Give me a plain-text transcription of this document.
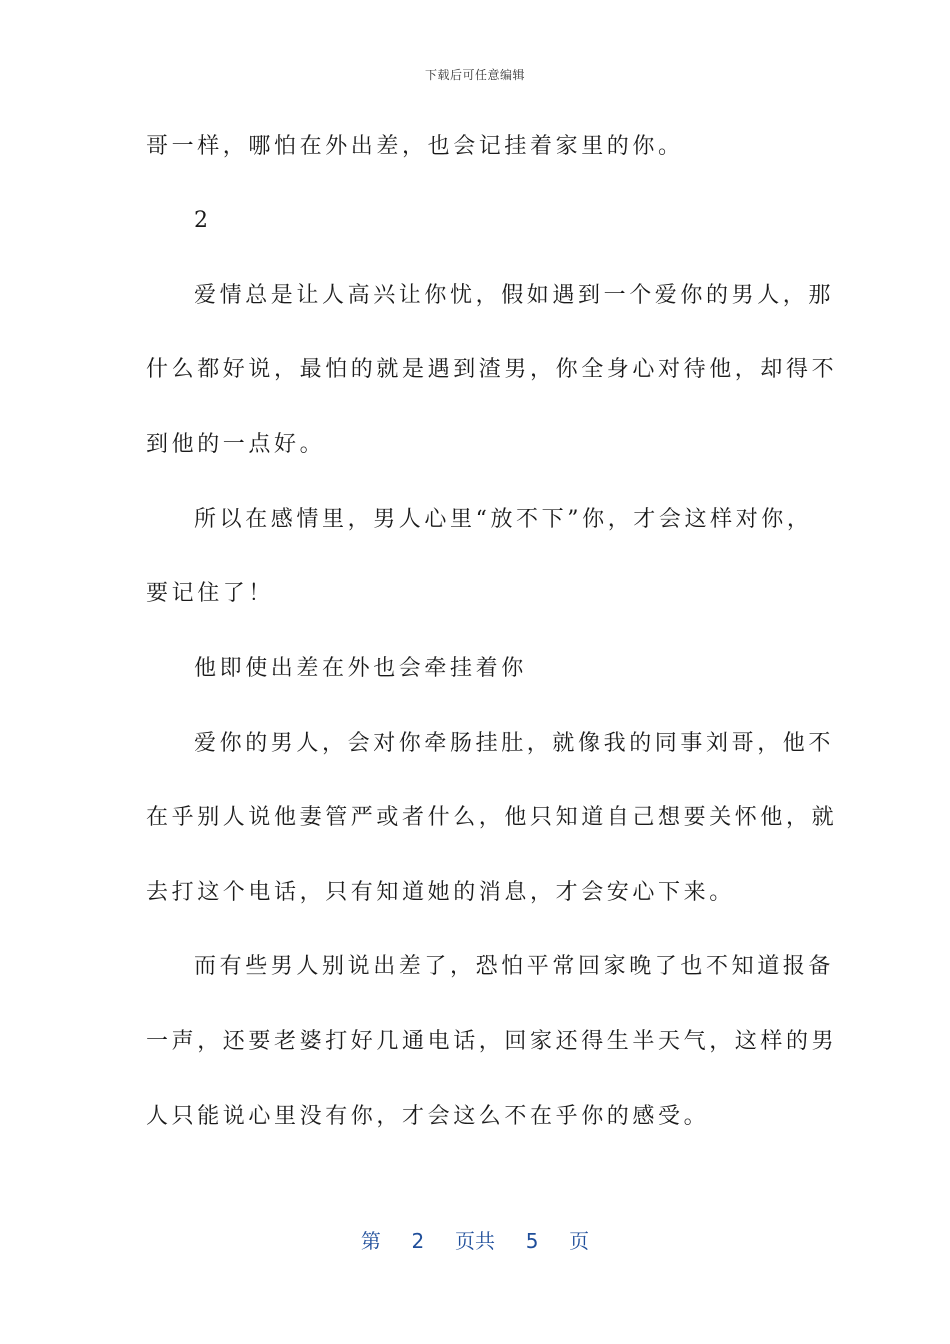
下载后可任意编辑
哥一样，哪怕在外出差，也会记挂着家里的你。
2
爱情总是让人高兴让你忧，假如遇到一个爱你的男人，那
什么都好说，最怕的就是遇到渣男，你全身心对待他，却得不
到他的一点好。
所以在感情里，男人心里“放不下”你，才会这样对你，
要记住了！
他即使出差在外也会牵挂着你
爱你的男人，会对你牵肠挂肚，就像我的同事刘哥，他不
在乎别人说他妻管严或者什么，他只知道自己想要关怀他，就
去打这个电话，只有知道她的消息，才会安心下来。
而有些男人别说出差了，恐怕平常回家晚了也不知道报备
一声，还要老婆打好几通电话，回家还得生半天气，这样的男
人只能说心里没有你，才会这么不在乎你的感受。
第 2 页共 5 页
